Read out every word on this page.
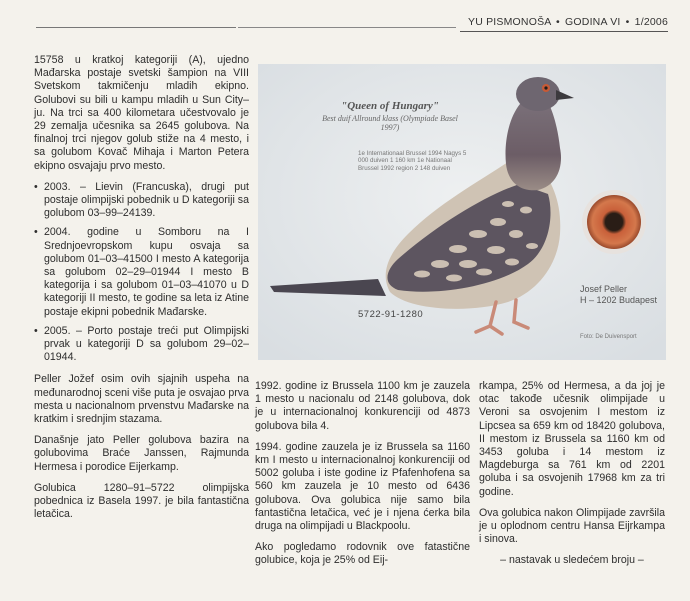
YU PISMONOŠA • GODINA VI • 1/2006

15758 u kratkoj kategoriji (A), ujedno Mađarska postaje svetski šampion na VIII Svetskom takmičenju mladih ekipno. Golubovi su bili u kampu mladih u Sun City–ju. Na trci sa 400 kilometara učestvovalo je 29 zemalja učesnika sa 2645 golubova. Na finalnoj trci njegov golub stiže na 4 mesto, i sa golubom Kovač Mihaja i Marton Petera ekipno osvajaju prvo mesto.

• 2003. – Lievin (Francuska), drugi put postaje olimpijski pobednik u D kategoriji sa golubom 03–99–24139.
• 2004. godine u Somboru na I Srednjoevropskom kupu osvaja sa golubom 01–03–41500 I mesto A kategorija sa golubom 02–29–01944 I mesto B kategorija i sa golubom 01–03–41070 u D kategoriji II mesto, te godine sa leta iz Atine postaje ekipni pobednik Mađarske.
• 2005. – Porto postaje treći put Olimpijski prvak u kategoriji D sa golubom 29–02–01944.

Peller Jožef osim ovih sjajnih uspeha na međunarodnoj sceni više puta je osvajao prva mesta u nacionalnom prvenstvu Mađarske na kratkim i srednjim stazama.

Današnje jato Peller golubova bazira na golubovima Braće Janssen, Rajmunda Hermesa i porodice Eijerkamp.

Golubica 1280–91–5722 olimpijska pobednica iz Basela 1997. je bila fantastična letačica.

"Queen of Hungary"
Best duif Allround klass (Olympiade Basel 1997)
1e Internationaal Brussel 1994 Nagys 5 000 duiven 1 160 km 1e Nationaal Brussel 1992 region 2 148 duiven
5722-91-1280
Josef Peller
H – 1202 Budapest
Foto: De Duivensport

1992. godine iz Brussela 1100 km je zauzela 1 mesto u nacionalu od 2148 golubova, dok je u internacionalnoj konkurenciji od 4873 golubova bila 4.

1994. godine zauzela je iz Brussela sa 1160 km I mesto u internacionalnoj konkurenciji od 5002 goluba i iste godine iz Pfafenhofena sa 560 km zauzela je 10 mesto od 6436 golubova. Ova golubica nije samo bila fantastična letačica, već je i njena ćerka bila druga na olimpijadi u Blackpoolu.

Ako pogledamo rodovnik ove fatastične golubice, koja je 25% od Eij-

rkampa, 25% od Hermesa, a da joj je otac takođe učesnik olimpijade u Veroni sa osvojenim I mestom iz Lipcsea sa 659 km od 18420 golubova, II mestom iz Brussela sa 1160 km od 3453 goluba i 14 mestom iz Magdeburga sa 761 km od 2201 goluba i sa osvojenih 17968 km za tri godine.

Ova golubica nakon Olimpijade završila je u oplodnom centru Hansa Eijrkampa i sinova.

– nastavak u sledećem broju –
